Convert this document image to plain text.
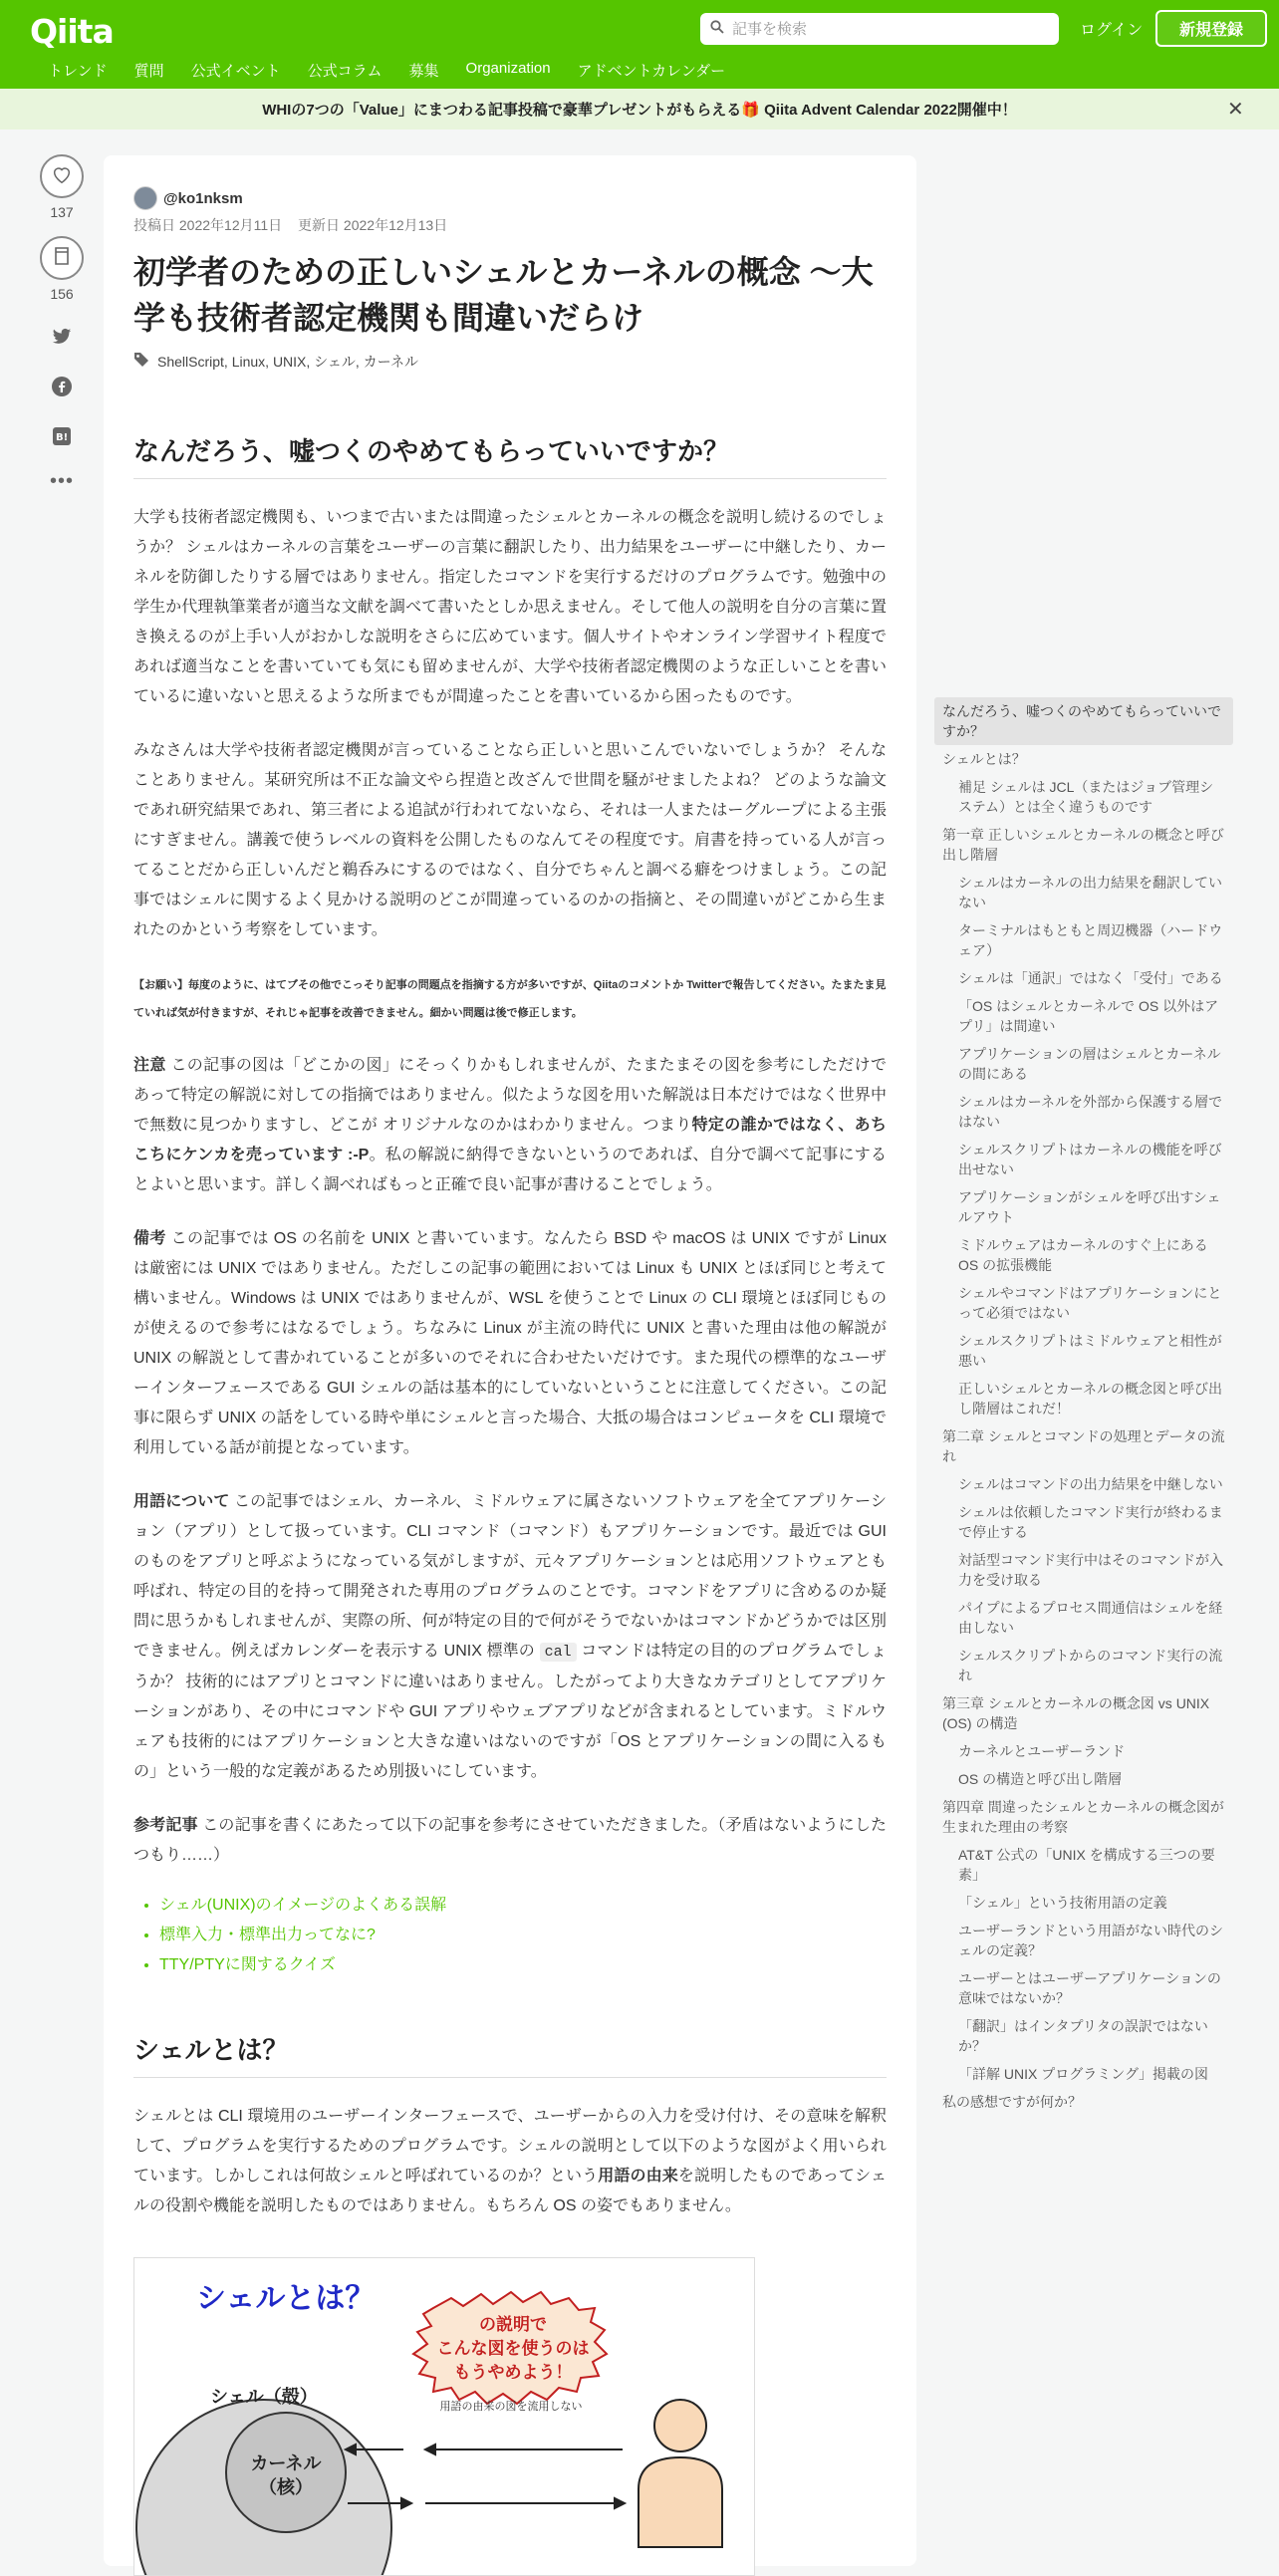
Qiita
記事を検索	ログイン	新規登録
トレンド 質問 公式イベント 公式コラム 募集 Organization アドベントカレンダー
WHIの7つの「Value」にまつわる記事投稿で豪華プレゼントがもらえる🎁 Qiita Advent Calendar 2022開催中！	✕
137
156
B!
•••
@ko1nksm
投稿日 2022年12月11日 更新日 2022年12月13日
初学者のための正しいシェルとカーネルの概念 ～大学も技術者認定機関も間違いだらけ
ShellScript, Linux, UNIX, シェル, カーネル
なんだろう、嘘つくのやめてもらっていいですか？

大学も技術者認定機関も、いつまで古いまたは間違ったシェルとカーネルの概念を説明し続けるのでしょうか？ シェルはカーネルの言葉をユーザーの言葉に翻訳したり、出力結果をユーザーに中継したり、カーネルを防御したりする層ではありません。指定したコマンドを実行するだけのプログラムです。勉強中の学生か代理執筆業者が適当な文献を調べて書いたとしか思えません。そして他人の説明を自分の言葉に置き換えるのが上手い人がおかしな説明をさらに広めています。個人サイトやオンライン学習サイト程度であれば適当なことを書いていても気にも留めませんが、大学や技術者認定機関のような正しいことを書いているに違いないと思えるような所までもが間違ったことを書いているから困ったものです。

みなさんは大学や技術者認定機関が言っていることなら正しいと思いこんでいないでしょうか？ そんなことありません。某研究所は不正な論文やら捏造と改ざんで世間を騒がせましたよね？ どのような論文であれ研究結果であれ、第三者による追試が行われてないなら、それは一人またはーグループによる主張にすぎません。講義で使うレベルの資料を公開したものなんてその程度です。肩書を持っている人が言ってることだから正しいんだと鵜呑みにするのではなく、自分でちゃんと調べる癖をつけましょう。この記事ではシェルに関するよく見かける説明のどこが間違っているのかの指摘と、その間違いがどこから生まれたのかという考察をしています。

【お願い】毎度のように、はてブその他でこっそり記事の問題点を指摘する方が多いですが、Qiitaのコメントか Twitterで報告してください。たまたま見ていれば気が付きますが、それじゃ記事を改善できません。細かい問題は後で修正します。

注意 この記事の図は「どこかの図」にそっくりかもしれませんが、たまたまその図を参考にしただけであって特定の解説に対しての指摘ではありません。似たような図を用いた解説は日本だけではなく世界中で無数に見つかりますし、どこが オリジナルなのかはわかりません。つまり特定の誰かではなく、あちこちにケンカを売っています :-P。私の解説に納得できないというのであれば、自分で調べて記事にするとよいと思います。詳しく調べればもっと正確で良い記事が書けることでしょう。

備考 この記事では OS の名前を UNIX と書いています。なんたら BSD や macOS は UNIX ですが Linux は厳密には UNIX ではありません。ただしこの記事の範囲においては Linux も UNIX とほぼ同じと考えて構いません。Windows は UNIX ではありませんが、WSL を使うことで Linux の CLI 環境とほぼ同じものが使えるので参考にはなるでしょう。ちなみに Linux が主流の時代に UNIX と書いた理由は他の解説が UNIX の解説として書かれていることが多いのでそれに合わせたいだけです。また現代の標準的なユーザーインターフェースである GUI シェルの話は基本的にしていないということに注意してください。この記事に限らず UNIX の話をしている時や単にシェルと言った場合、大抵の場合はコンピュータを CLI 環境で利用している話が前提となっています。

用語について この記事ではシェル、カーネル、ミドルウェアに属さないソフトウェアを全てアプリケーション（アプリ）として扱っています。CLI コマンド（コマンド）もアプリケーションです。最近では GUI のものをアプリと呼ぶようになっている気がしますが、元々アプリケーションとは応用ソフトウェアとも呼ばれ、特定の目的を持って開発された専用のプログラムのことです。コマンドをアプリに含めるのか疑問に思うかもしれませんが、実際の所、何が特定の目的で何がそうでないかはコマンドかどうかでは区別できません。例えばカレンダーを表示する UNIX 標準の cal コマンドは特定の目的のプログラムでしょうか？ 技術的にはアプリとコマンドに違いはありません。したがってより大きなカテゴリとしてアプリケーションがあり、その中にコマンドや GUI アプリやウェブアプリなどが含まれるとしています。ミドルウェアも技術的にはアプリケーションと大きな違いはないのですが「OS とアプリケーションの間に入るもの」という一般的な定義があるため別扱いにしています。

参考記事 この記事を書くにあたって以下の記事を参考にさせていただきました。（矛盾はないようにしたつもり……）

• シェル(UNIX)のイメージのよくある誤解
• 標準入力・標準出力ってなに?
• TTY/PTYに関するクイズ
シェルとは？

シェルとは CLI 環境用のユーザーインターフェースで、ユーザーからの入力を受け付け、その意味を解釈して、プログラムを実行するためのプログラムです。シェルの説明として以下のような図がよく用いられています。しかしこれは何故シェルと呼ばれているのか？という用語の由来を説明したものであってシェルの役割や機能を説明したものではありません。もちろん OS の姿でもありません。

シェルとは？
の説明で
こんな図を使うのは
もうやめよう！
用語の由来の図を流用しない
シェル（殻）
カーネル
（核）
なんだろう、嘘つくのやめてもらっていいですか？
シェルとは？
補足 シェルは JCL（またはジョブ管理システム）とは全く違うものです
第一章 正しいシェルとカーネルの概念と呼び出し階層
シェルはカーネルの出力結果を翻訳していない
ターミナルはもともと周辺機器（ハードウェア）
シェルは「通訳」ではなく「受付」である
「OS はシェルとカーネルで OS 以外はアプリ」は間違い
アプリケーションの層はシェルとカーネルの間にある
シェルはカーネルを外部から保護する層ではない
シェルスクリプトはカーネルの機能を呼び出せない
アプリケーションがシェルを呼び出すシェルアウト
ミドルウェアはカーネルのすぐ上にある OS の拡張機能
シェルやコマンドはアプリケーションにとって必須ではない
シェルスクリプトはミドルウェアと相性が悪い
正しいシェルとカーネルの概念図と呼び出し階層はこれだ！
第二章 シェルとコマンドの処理とデータの流れ
シェルはコマンドの出力結果を中継しない
シェルは依頼したコマンド実行が終わるまで停止する
対話型コマンド実行中はそのコマンドが入力を受け取る
パイプによるプロセス間通信はシェルを経由しない
シェルスクリプトからのコマンド実行の流れ
第三章 シェルとカーネルの概念図 vs UNIX (OS) の構造
カーネルとユーザーランド
OS の構造と呼び出し階層
第四章 間違ったシェルとカーネルの概念図が生まれた理由の考察
AT&T 公式の「UNIX を構成する三つの要素」
「シェル」という技術用語の定義
ユーザーランドという用語がない時代のシェルの定義？
ユーザーとはユーザーアプリケーションの意味ではないか？
「翻訳」はインタプリタの誤訳ではないか？
「詳解 UNIX プログラミング」掲載の図
私の感想ですが何か？
